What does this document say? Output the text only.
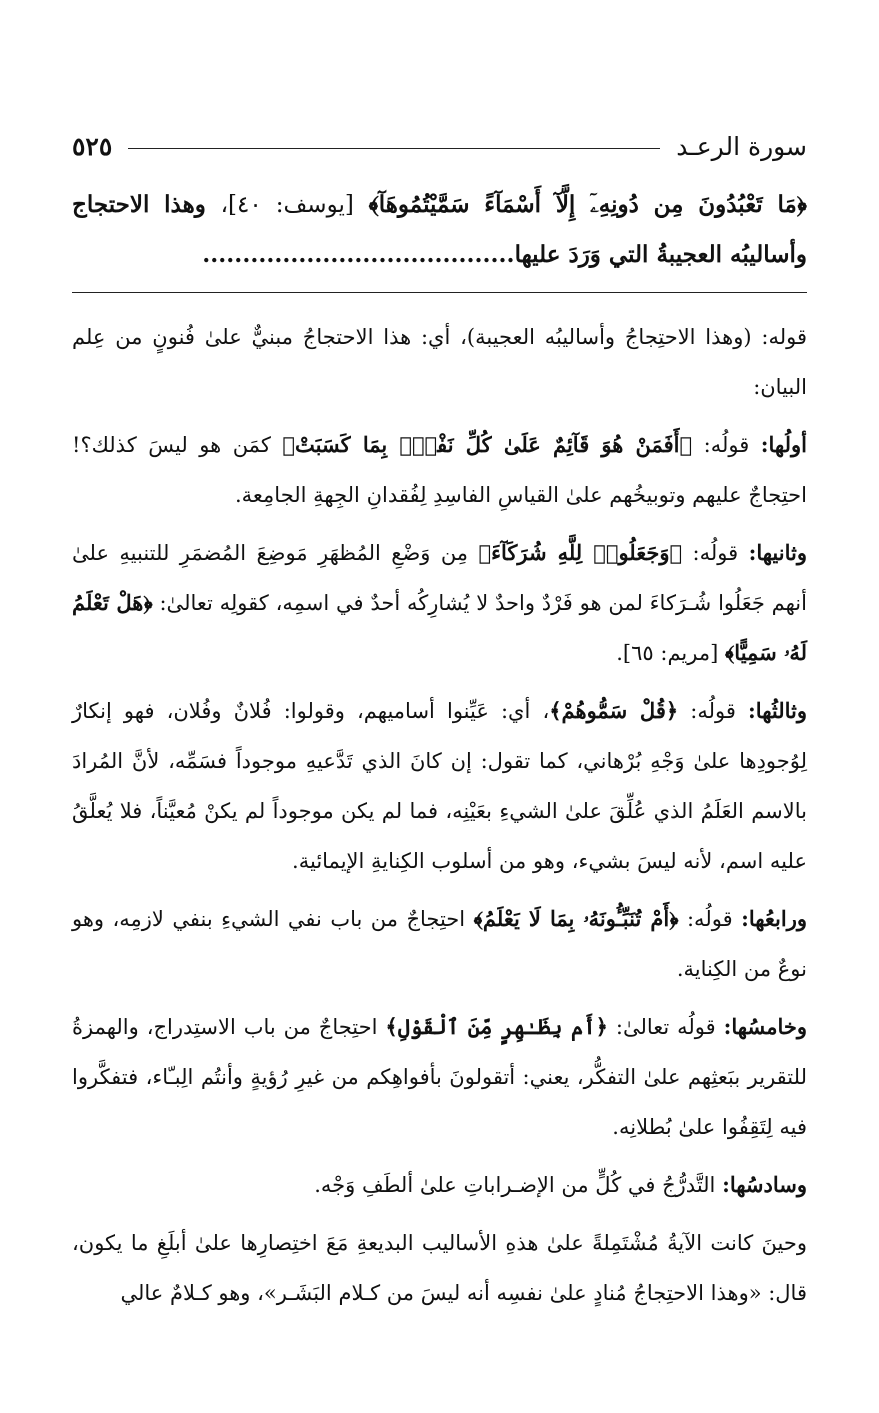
سورة الرعـد
٥٢٥
﴿مَا تَعْبُدُونَ مِن دُونِهِۦٓ إِلَّآ أَسْمَآءً سَمَّيْتُمُوهَآ﴾ [يوسف: ٤٠]، وهذا الاحتجاج وأساليبُه العجيبةُ التي وَرَدَ عليها.......................................

قوله: (وهذا الاحتِجاجُ وأساليبُه العجيبة)، أي: هذا الاحتجاجُ مبنيٌّ علىٰ فُنونٍ من عِلم البيان:

أولُها: قولُه: ﴿أَفَمَنْ هُوَ قَآئِمٌ عَلَىٰ كُلِّ نَفْسٍۭ بِمَا كَسَبَتْ﴾ كمَن هو ليسَ كذلك؟! احتِجاجٌ عليهم وتوبيخُهم علىٰ القياسِ الفاسِدِ لِفُقدانِ الجِهةِ الجامِعة.

وثانيها: قولُه: ﴿وَجَعَلُوا۟ لِلَّهِ شُرَكَآءَ﴾ مِن وَضْعِ المُظهَرِ مَوضِعَ المُضمَرِ للتنبيهِ علىٰ أنهم جَعَلُوا شُـرَكاءَ لمن هو فَرْدٌ واحدٌ لا يُشارِكُه أحدٌ في اسمِه، كقولِه تعالىٰ: ﴿هَلْ تَعْلَمُ لَهُۥ سَمِيًّا﴾ [مريم: ٦٥].

وثالثُها: قولُه: ﴿قُلْ سَمُّوهُمْ﴾، أي: عَيِّنوا أساميهم، وقولوا: فُلانٌ وفُلان، فهو إنكارٌ لِوُجودِها علىٰ وَجْهِ بُرْهاني، كما تقول: إن كانَ الذي تَدَّعيهِ موجوداً فسَمِّه، لأنَّ المُرادَ بالاسم العَلَمُ الذي عُلِّقَ علىٰ الشيءِ بعَيْنِه، فما لم يكن موجوداً لم يكنْ مُعيَّناً، فلا يُعلَّقُ عليه اسم، لأنه ليسَ بشيء، وهو من أسلوب الكِنايةِ الإيمائية.

ورابعُها: قولُه: ﴿أَمْ تُنَبِّـُٔونَهُۥ بِمَا لَا يَعْلَمُ﴾ احتِجاجٌ من باب نفي الشيءِ بنفي لازمِه، وهو نوعٌ من الكِناية.

وخامسُها: قولُه تعالىٰ: ﴿أَم بِظَـٰهِرٍ مِّنَ ٱلْقَوْلِ﴾ احتِجاجٌ من باب الاستِدراج، والهمزةُ للتقرير ببَعثِهم علىٰ التفكُّر، يعني: أتقولونَ بأفواهِكم من غيرِ رُؤيةٍ وأنتُم الِبـّاء، فتفكَّروا فيه لِتَقِفُوا علىٰ بُطلانِه.

وسادسُها: التَّدرُّجُ في كُلٍّ من الإضـراباتِ علىٰ ألطَفِ وَجْه.

وحينَ كانت الآيةُ مُشْتَمِلةً علىٰ هذهِ الأساليب البديعةِ مَعَ اختِصارِها علىٰ أبلَغِ ما يكون، قال: «وهذا الاحتِجاجُ مُنادٍ علىٰ نفسِه أنه ليسَ من كـلام البَشَـر»، وهو كـلامٌ عالي
